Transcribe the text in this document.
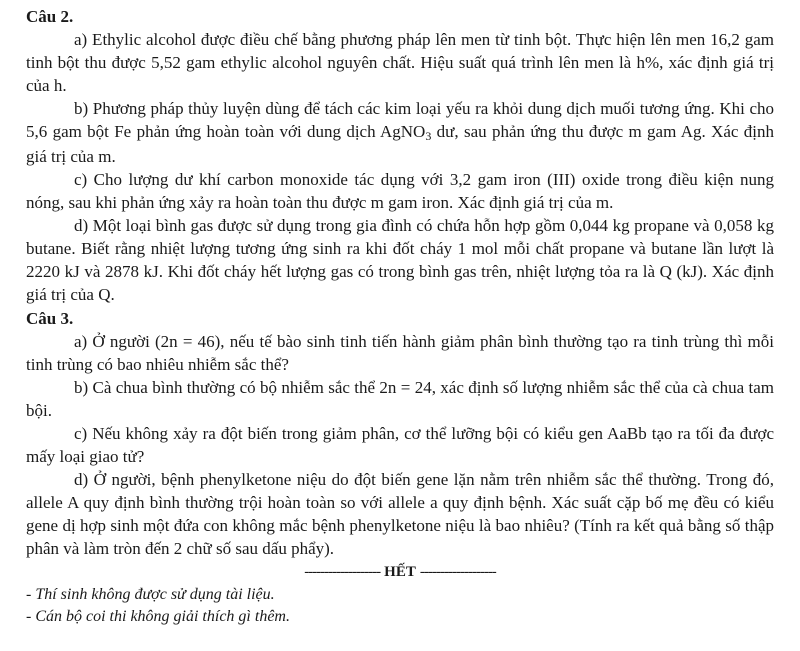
Câu 2.

a) Ethylic alcohol được điều chế bằng phương pháp lên men từ tinh bột. Thực hiện lên men 16,2 gam tinh bột thu được 5,52 gam ethylic alcohol nguyên chất. Hiệu suất quá trình lên men là h%, xác định giá trị của h.

b) Phương pháp thủy luyện dùng để tách các kim loại yếu ra khỏi dung dịch muối tương ứng. Khi cho 5,6 gam bột Fe phản ứng hoàn toàn với dung dịch AgNO$_3$ dư, sau phản ứng thu được m gam Ag. Xác định giá trị của m.

c) Cho lượng dư khí carbon monoxide tác dụng với 3,2 gam iron (III) oxide trong điều kiện nung nóng, sau khi phản ứng xảy ra hoàn toàn thu được m gam iron. Xác định giá trị của m.

d) Một loại bình gas được sử dụng trong gia đình có chứa hỗn hợp gồm 0,044 kg propane và 0,058 kg butane. Biết rằng nhiệt lượng tương ứng sinh ra khi đốt cháy 1 mol mỗi chất propane và butane lần lượt là 2220 kJ và 2878 kJ. Khi đốt cháy hết lượng gas có trong bình gas trên, nhiệt lượng tỏa ra là Q (kJ). Xác định giá trị của Q.

Câu 3.

a) Ở người (2n = 46), nếu tế bào sinh tinh tiến hành giảm phân bình thường tạo ra tinh trùng thì mỗi tinh trùng có bao nhiêu nhiễm sắc thể?

b) Cà chua bình thường có bộ nhiễm sắc thể 2n = 24, xác định số lượng nhiễm sắc thể của cà chua tam bội.

c) Nếu không xảy ra đột biến trong giảm phân, cơ thể lưỡng bội có kiểu gen AaBb tạo ra tối đa được mấy loại giao tử?

d) Ở người, bệnh phenylketone niệu do đột biến gene lặn nằm trên nhiễm sắc thể thường. Trong đó, allele A quy định bình thường trội hoàn toàn so với allele a quy định bệnh. Xác suất cặp bố mẹ đều có kiểu gene dị hợp sinh một đứa con không mắc bệnh phenylketone niệu là bao nhiêu? (Tính ra kết quả bằng số thập phân và làm tròn đến 2 chữ số sau dấu phẩy).

------------------- HẾT -------------------

- Thí sinh không được sử dụng tài liệu.

- Cán bộ coi thi không giải thích gì thêm.
